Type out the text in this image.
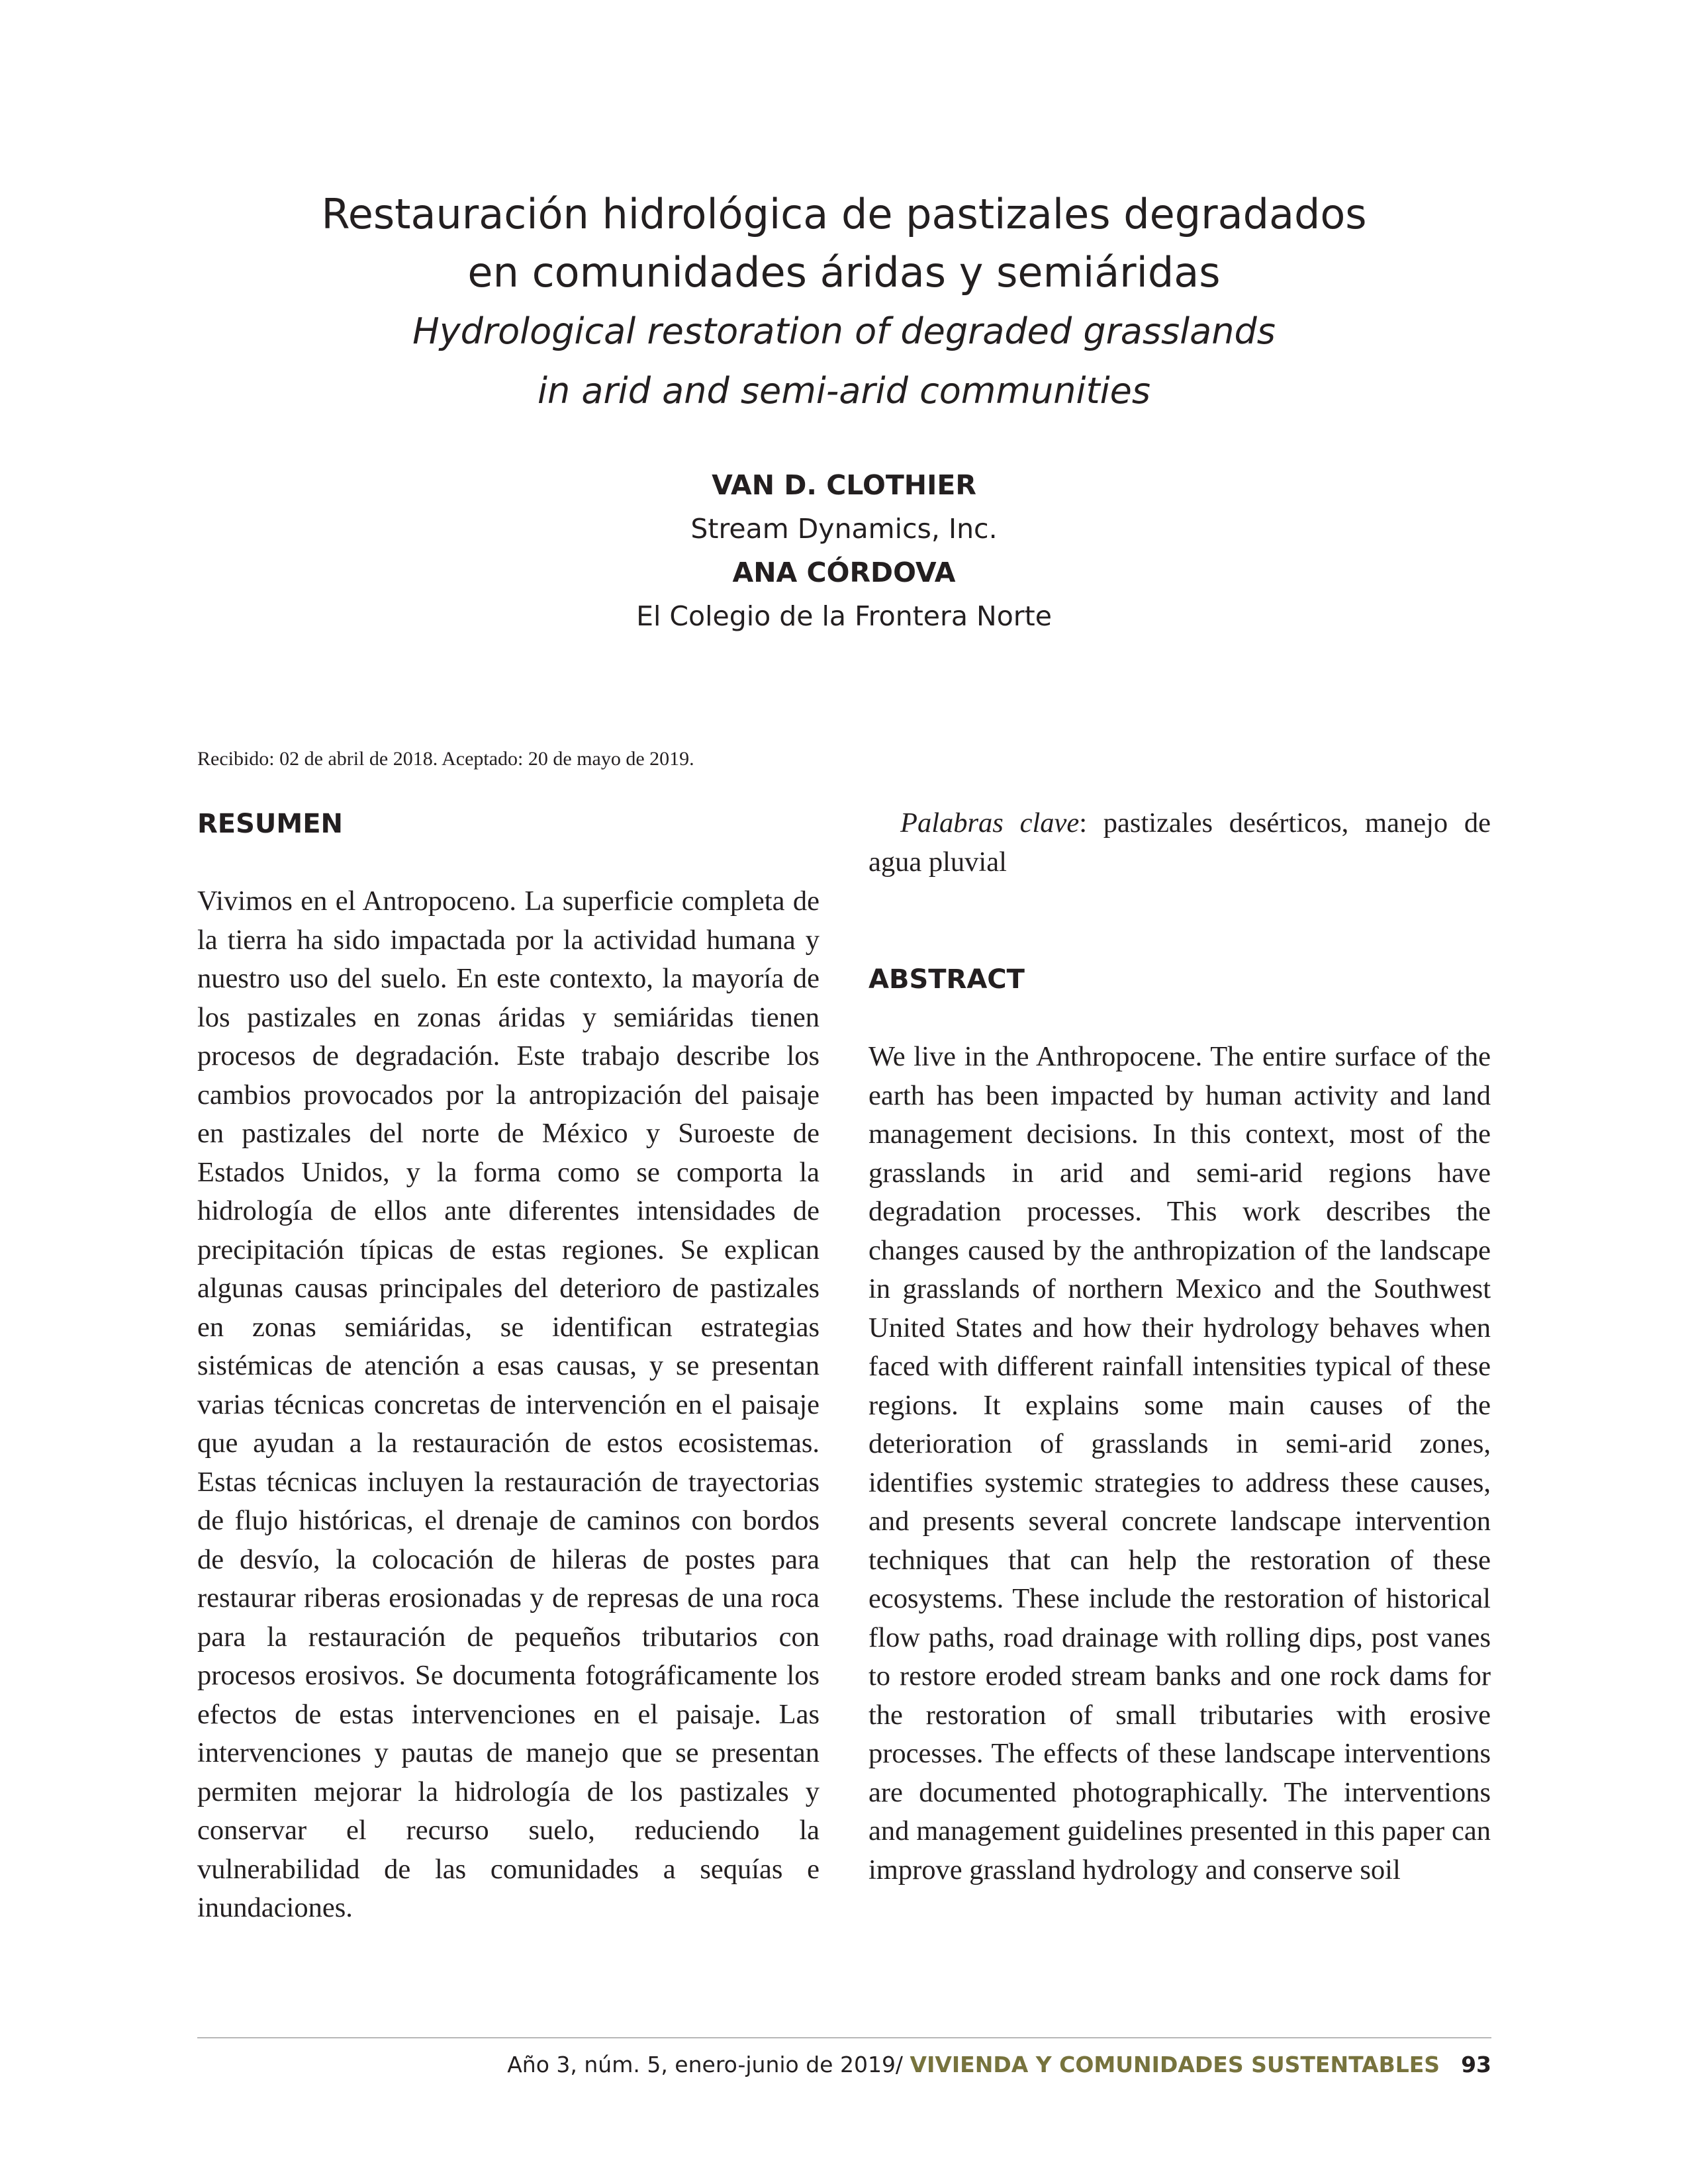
Restauración hidrológica de pastizales degradados

en comunidades áridas y semiáridas

Hydrological restoration of degraded grasslands

in arid and semi-arid communities

VAN D. CLOTHIER
Stream Dynamics, Inc.
ANA CÓRDOVA
El Colegio de la Frontera Norte
Recibido: 02 de abril de 2018. Aceptado: 20 de mayo de 2019.
RESUMEN

Vivimos en el Antropoceno. La superficie completa de la tierra ha sido impactada por la actividad humana y nuestro uso del suelo. En este contexto, la mayoría de los pastizales en zonas áridas y semiáridas tienen procesos de degradación. Este trabajo describe los cambios provocados por la antropización del paisaje en pastizales del norte de México y Suroeste de Estados Unidos, y la forma como se comporta la hidrología de ellos ante diferentes intensidades de precipitación típicas de estas regiones. Se explican algunas causas principales del deterioro de pastizales en zonas semiáridas, se identifican estrategias sistémicas de atención a esas causas, y se presentan varias técnicas concretas de intervención en el paisaje que ayudan a la restauración de estos ecosistemas. Estas técnicas incluyen la restauración de trayectorias de flujo históricas, el drenaje de caminos con bordos de desvío, la colocación de hileras de postes para restaurar riberas erosionadas y de represas de una roca para la restauración de pequeños tributarios con procesos erosivos. Se documenta fotográficamente los efectos de estas intervenciones en el paisaje. Las intervenciones y pautas de manejo que se presentan permiten mejorar la hidrología de los pastizales y conservar el recurso suelo, reduciendo la vulnerabilidad de las comunidades a sequías e inundaciones.

Palabras clave: pastizales desérticos, manejo de agua pluvial

ABSTRACT

We live in the Anthropocene. The entire surface of the earth has been impacted by human activity and land management decisions. In this context, most of the grasslands in arid and semi-arid regions have degradation processes. This work describes the changes caused by the anthropization of the landscape in grasslands of northern Mexico and the Southwest United States and how their hydrology behaves when faced with different rainfall intensities typical of these regions. It explains some main causes of the deterioration of grasslands in semi-arid zones, identifies systemic strategies to address these causes, and presents several concrete landscape intervention techniques that can help the restoration of these ecosystems. These include the restoration of historical flow paths, road drainage with rolling dips, post vanes to restore eroded stream banks and one rock dams for the restoration of small tributaries with erosive processes. The effects of these landscape interventions are documented photographically. The interventions and management guidelines presented in this paper can improve grassland hydrology and conserve soil

Año 3, núm. 5, enero-junio de 2019/ VIVIENDA Y COMUNIDADES SUSTENTABLES 93
